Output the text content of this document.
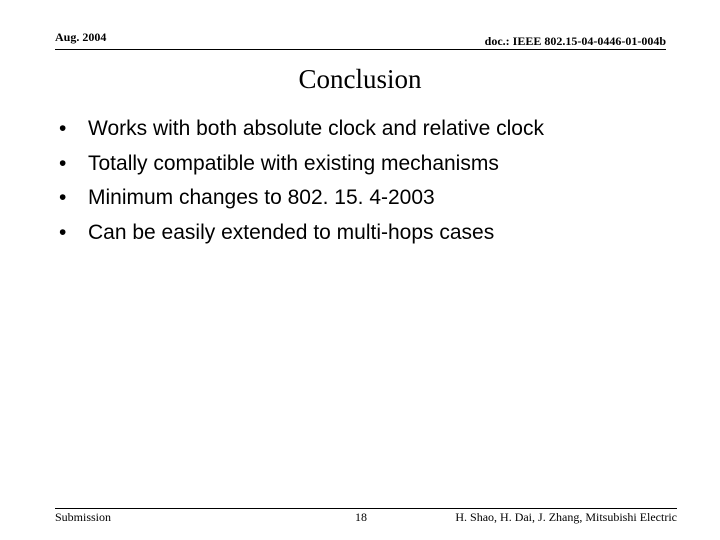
Aug. 2004	doc.: IEEE 802.15-04-0446-01-004b
Conclusion
•	Works with both absolute clock and relative clock
•	Totally compatible with existing mechanisms
•	Minimum changes to 802. 15. 4-2003
•	Can be easily extended to multi-hops cases
Submission	18	H. Shao, H. Dai, J. Zhang, Mitsubishi Electric
